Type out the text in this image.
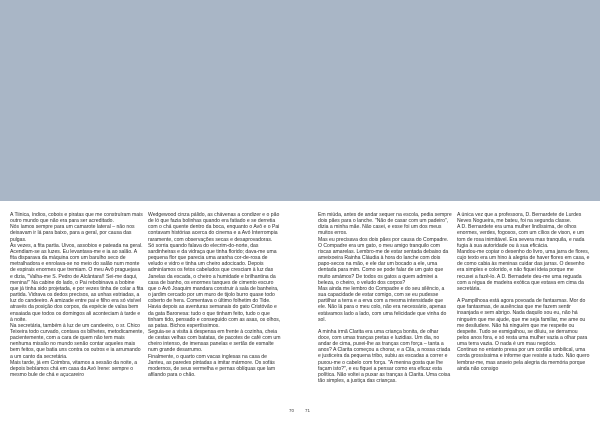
A Tiinica, índios, cobois e piratas que me construíram mais outro mundo que não era para ser acreditado.

Nós íamos sempre para um camarote lateral – não nos deixavam ir lá para baixo, para a geral, por causa das pulgas.

Às vezes, a fita partia. Uivos, assobios e pateada na geral. Acendiam-se as luzes. Eu levantava-me e ia ao salão. A fita disparava da máquina com um barulho seco de metralhadora e enrolava-se no meio do salão num monte de espirais enormes que tremiam. O meu Avô praguejava e dizia, "Valha-me S. Pedro de Alcântara!! Sei-me daqui, menina!" Na cabine do lado, o Pai rebobinava a bobine que já tinha sido projetada, e por vezes tinha de colar a fita partida. Vidrava os dedos precisos, as unhas estriadas, a luz do candeeiro. A amizade entre pai e filho era só visível através da posição dos corpos, da espécie de valsa bem ensaiada que todos os domingos ali aconteciam à tarde e à noite.

Na secretária, também à luz de um candeeiro, o sr. Chico Teixeira todo curvado, contava os bilhetes, metodicamente, pacientemente, com a cara de quem não tem mais nenhuma missão no mundo senão contar aqueles mais bem feitos, que batia uns contra os outros e ia arrumando a um canto da secretária.

Mais tarde, já em Coimbra, vitamos a sessão da noite, a depois bebíamos chá em casa da Avó Irene: sempre o mesmo bule de chá e açucareiro

Wedgewood cinza pálido, as chávenas a condizer e o pão de ló que fazia bolinhas quando era fatiado e se derretia com o chá quente dentro da boca, enquanto o Avô e o Pai contavam histórias acerca do cinema e a Avó Interrompia raramente, com observações secas e desaprovadoras.

Só sorria quando falava do elecrim-do-norte, das sardinheiras e da vidraça que tinha florido; dava-me uma pequena flor que parecia uma aranha cor-de-rosa de veludo e vidro e tinha um cheiro adocicado. Depois adminíamos os fetos cabeludos que cresciam à luz das Janelas da escada, o cheiro a humidade e brilhantina da casa de banho, os enormes tanques de cimento escuro que o Avô Joaquim mandara construir à sala de banheira, o jardim cercado por um muro de tijolo burro quase todo coberto de hera. Comentava o último folhetim do Tide. Havia depois as aventuras semanais do gato Cristóvão e da gata Baronesa: tudo o que tinham feito, tudo o que tinham tido, pensado e conseguido com as asas, os olhos, as patas. Bichos espertíssimos.

Seguia-se a visita à despensa em frente à cozinha, cheia de cestas velhas com batatas, de pacotes de café com um cheiro intenso, de imensas panelas e sertãs de esmalte num grande desarrumo.

Finalmente, o quarto com vacas inglesas na casa de Janteu, as paredes pintadas a imitar mármore. Os sofás modernos, de seus vermelha e pernas oblíquas que lam afilando para o chão.

Em miúda, antes de andar sequer na escola, pedia sempre dois pães para o lanche. "Não de casar com um padeiro", dizia a minha mãe. Não casei, e esse foi um dos meus muitos erros.

Mas eu precisava dos dois pães por causa do Compadre. O Compadre era um gato, o meu amigo tranquilo com riscas amarelas. Lembro-me de estar sentada debaixo da ameixoeira Rainha Cláudia à hora do lanche com dois papo-secos na mão, e ele dar um bocado a ele, uma dentada para mim. Como se pode falar de um gato que muito amámos? De todos os gatos a quem admirei a beleza, o cheiro, o veludo dos corpos?

Mas ainda me lembro do Compadre e do seu silêncio, a sua capacidade de estar comigo, com se eu pudesse partilhar a terra e a erva com a mesma intensidade que ele. Não lá para o meu colo, não era necessário, apenas estávamos lado a lado, com uma felicidade que vinha do sol.

A minha irmã Clarita era uma criança bonita, de olhar doce, com umas tranças pretas e luzidias. Um dia, no andar de cima, puxei-lhe as tranças com força – tanta a anos? A Clarita começou a chorar, e a Cila, a nossa criada e justiceira da pequena tribo, subiu as escadas a correr e puxou-me o cabelo com força. "A menina gosta que lhe façam isto?", e eu fiquei a pensar como era eficaz esta política. Não voltei a puxar as tranças à Clarita. Uma coisa tão simples, a justiça das crianças.

A única vez que a professora, D. Bernardete de Lurdes Neves Nogueira, me bateu, foi na segunda classe.

A D. Bernardete era uma mulher lindíssima, de olhos enormes, verdes, fogosos, com um cílios de vison, e um tom de rosa inimitável. Era severa mas tranquila, e nada fugia à sua autoridade ou à sua eficácia.

Mandou-me copiar o desenho do livro, uma jarra de flores, cujo texto era um hino à alegria de haver flores em casa, e de como cabia às meninas cuidar das jarras. O desenho era simples e colorido, e não fiquei ideia porque me recusei a fazê-lo. A D. Bernadete deu-me uma reguada com a régua de madeira exótica que estava em cima da secretária.

A Pampilhosa está agora povoada de fantasmas. Mor do que fantasmas, de ausências que me fazem sentir insanjada e sem abrigo. Nada daquilo sou eu, não há ninguém que me ajude, que me seja familiar, me ame ou me desiludere. Não há ninguém que me respeite ou despeite. Tudo se esmigalhou, se diluiu, se derramou pelos anos fora, e só resta uma mulher vazia a olhar para uma terra vazia. O nada é um mau negócio.

Continuo no entanto presa por um cordão umbilical, uma corda grossíssima e informe que resiste a tudo. Não quero lembrar-me, mas anseio pela alegria da memória porque ainda não consigo

70 71
